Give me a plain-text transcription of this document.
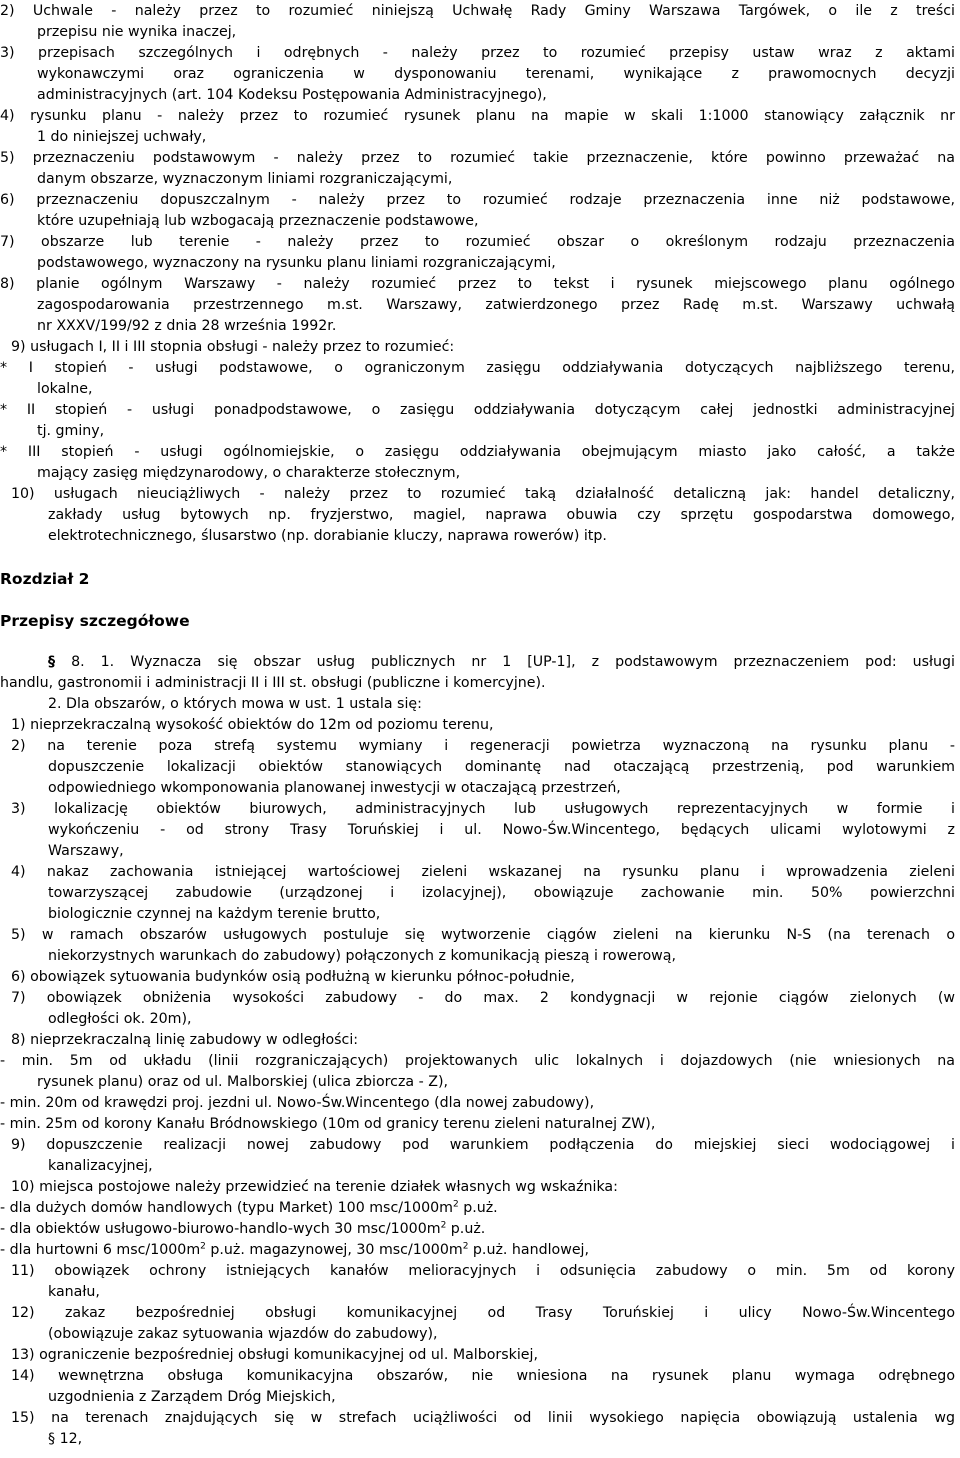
2) Uchwale - należy przez to rozumieć niniejszą Uchwałę Rady Gminy Warszawa Targówek, o ile z treści
przepisu nie wynika inaczej,
3) przepisach szczególnych i odrębnych - należy przez to rozumieć przepisy ustaw wraz z aktami
wykonawczymi oraz ograniczenia w dysponowaniu terenami, wynikające z prawomocnych decyzji
administracyjnych (art. 104 Kodeksu Postępowania Administracyjnego),
4) rysunku planu - należy przez to rozumieć rysunek planu na mapie w skali 1:1000 stanowiący załącznik nr
1 do niniejszej uchwały,
5) przeznaczeniu podstawowym - należy przez to rozumieć takie przeznaczenie, które powinno przeważać na
danym obszarze, wyznaczonym liniami rozgraniczającymi,
6) przeznaczeniu dopuszczalnym - należy przez to rozumieć rodzaje przeznaczenia inne niż podstawowe,
które uzupełniają lub wzbogacają przeznaczenie podstawowe,
7) obszarze lub terenie - należy przez to rozumieć obszar o określonym rodzaju przeznaczenia
podstawowego, wyznaczony na rysunku planu liniami rozgraniczającymi,
8) planie ogólnym Warszawy - należy rozumieć przez to tekst i rysunek miejscowego planu ogólnego
zagospodarowania przestrzennego m.st. Warszawy, zatwierdzonego przez Radę m.st. Warszawy uchwałą
nr XXXV/199/92 z dnia 28 września 1992r.
9) usługach I, II i III stopnia obsługi - należy przez to rozumieć:
* I stopień - usługi podstawowe, o ograniczonym zasięgu oddziaływania dotyczących najbliższego terenu,
lokalne,
* II stopień - usługi ponadpodstawowe, o zasięgu oddziaływania dotyczącym całej jednostki administracyjnej
tj. gminy,
* III stopień - usługi ogólnomiejskie, o zasięgu oddziaływania obejmującym miasto jako całość, a także
mający zasięg międzynarodowy, o charakterze stołecznym,
10) usługach nieuciążliwych - należy przez to rozumieć taką działalność detaliczną jak: handel detaliczny,
zakłady usług bytowych np. fryzjerstwo, magiel, naprawa obuwia czy sprzętu gospodarstwa domowego,
elektrotechnicznego, ślusarstwo (np. dorabianie kluczy, naprawa rowerów) itp.
Rozdział 2
Przepisy szczegółowe
§ 8. 1. Wyznacza się obszar usług publicznych nr 1 [UP-1], z podstawowym przeznaczeniem pod: usługi
handlu, gastronomii i administracji II i III st. obsługi (publiczne i komercyjne).
2. Dla obszarów, o których mowa w ust. 1 ustala się:
1) nieprzekraczalną wysokość obiektów do 12m od poziomu terenu,
2) na terenie poza strefą systemu wymiany i regeneracji powietrza wyznaczoną na rysunku planu -
dopuszczenie lokalizacji obiektów stanowiących dominantę nad otaczającą przestrzenią, pod warunkiem
odpowiedniego wkomponowania planowanej inwestycji w otaczającą przestrzeń,
3) lokalizację obiektów biurowych, administracyjnych lub usługowych reprezentacyjnych w formie i
wykończeniu - od strony Trasy Toruńskiej i ul. Nowo-Św.Wincentego, będących ulicami wylotowymi z
Warszawy,
4) nakaz zachowania istniejącej wartościowej zieleni wskazanej na rysunku planu i wprowadzenia zieleni
towarzyszącej zabudowie (urządzonej i izolacyjnej), obowiązuje zachowanie min. 50% powierzchni
biologicznie czynnej na każdym terenie brutto,
5) w ramach obszarów usługowych postuluje się wytworzenie ciągów zieleni na kierunku N-S (na terenach o
niekorzystnych warunkach do zabudowy) połączonych z komunikacją pieszą i rowerową,
6) obowiązek sytuowania budynków osią podłużną w kierunku północ-południe,
7) obowiązek obniżenia wysokości zabudowy - do max. 2 kondygnacji w rejonie ciągów zielonych (w
odległości ok. 20m),
8) nieprzekraczalną linię zabudowy w odległości:
- min. 5m od układu (linii rozgraniczających) projektowanych ulic lokalnych i dojazdowych (nie wniesionych na
rysunek planu) oraz od ul. Malborskiej (ulica zbiorcza - Z),
- min. 20m od krawędzi proj. jezdni ul. Nowo-Św.Wincentego (dla nowej zabudowy),
- min. 25m od korony Kanału Bródnowskiego (10m od granicy terenu zieleni naturalnej ZW),
9) dopuszczenie realizacji nowej zabudowy pod warunkiem podłączenia do miejskiej sieci wodociągowej i
kanalizacyjnej,
10) miejsca postojowe należy przewidzieć na terenie działek własnych wg wskaźnika:
- dla dużych domów handlowych (typu Market) 100 msc/$1000m^2$ p.uż.
- dla obiektów usługowo-biurowo-handlo-wych 30 msc/$1000m^2$ p.uż.
- dla hurtowni 6 msc/$1000m^2$ p.uż. magazynowej, 30 msc/$1000m^2$ p.uż. handlowej,
11) obowiązek ochrony istniejących kanałów melioracyjnych i odsunięcia zabudowy o min. 5m od korony
kanału,
12) zakaz bezpośredniej obsługi komunikacyjnej od Trasy Toruńskiej i ulicy Nowo-Św.Wincentego
(obowiązuje zakaz sytuowania wjazdów do zabudowy),
13) ograniczenie bezpośredniej obsługi komunikacyjnej od ul. Malborskiej,
14) wewnętrzna obsługa komunikacyjna obszarów, nie wniesiona na rysunek planu wymaga odrębnego
uzgodnienia z Zarządem Dróg Miejskich,
15) na terenach znajdujących się w strefach uciążliwości od linii wysokiego napięcia obowiązują ustalenia wg
§ 12,
